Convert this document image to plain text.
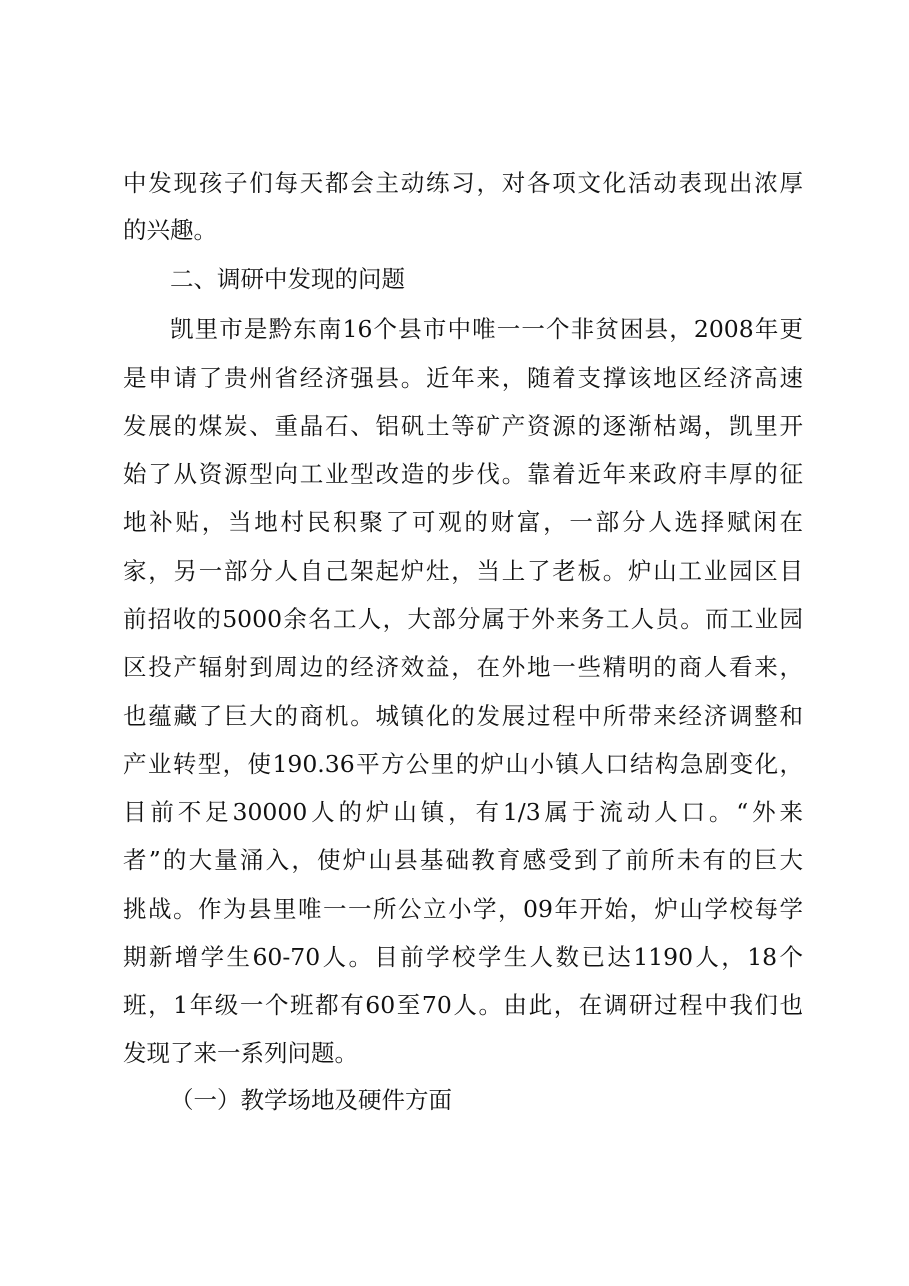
中发现孩子们每天都会主动练习，对各项文化活动表现出浓厚
的兴趣。
二、调研中发现的问题
凯里市是黔东南16个县市中唯一一个非贫困县，2008年更
是申请了贵州省经济强县。近年来，随着支撑该地区经济高速
发展的煤炭、重晶石、铝矾土等矿产资源的逐渐枯竭，凯里开
始了从资源型向工业型改造的步伐。靠着近年来政府丰厚的征
地补贴，当地村民积聚了可观的财富，一部分人选择赋闲在
家，另一部分人自己架起炉灶，当上了老板。炉山工业园区目
前招收的5000余名工人，大部分属于外来务工人员。而工业园
区投产辐射到周边的经济效益，在外地一些精明的商人看来，
也蕴藏了巨大的商机。城镇化的发展过程中所带来经济调整和
产业转型，使190.36平方公里的炉山小镇人口结构急剧变化，
目前不足30000人的炉山镇，有1/3属于流动人口。“外来
者”的大量涌入，使炉山县基础教育感受到了前所未有的巨大
挑战。作为县里唯一一所公立小学，09年开始，炉山学校每学
期新增学生60-70人。目前学校学生人数已达1190人，18个
班，1年级一个班都有60至70人。由此，在调研过程中我们也
发现了来一系列问题。
（一）教学场地及硬件方面
